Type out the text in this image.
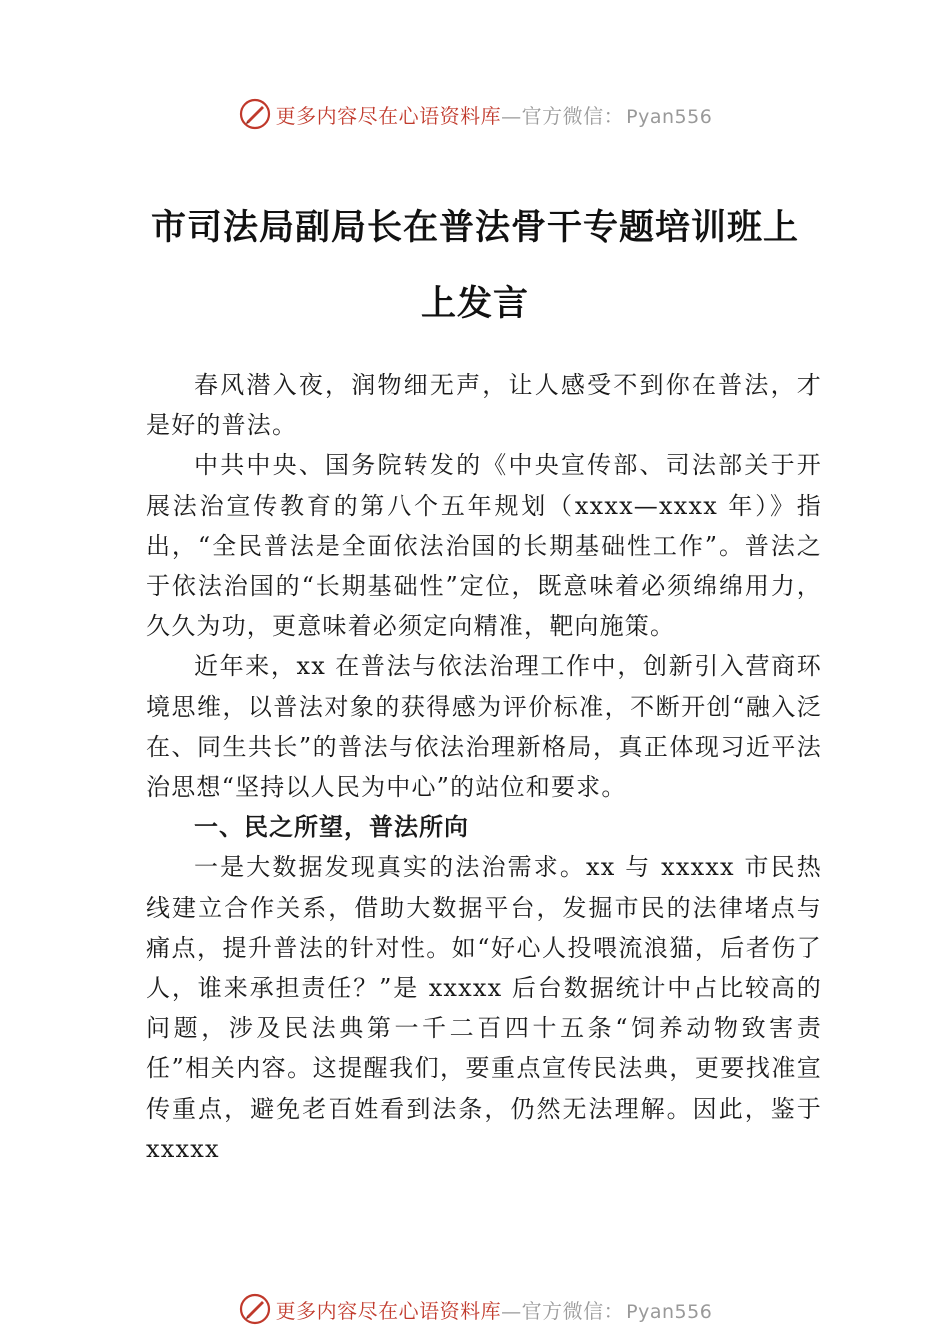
更多内容尽在心语资料库—官方微信： Pyan556
市司法局副局长在普法骨干专题培训班上上发言

春风潜入夜，润物细无声，让人感受不到你在普法，才是好的普法。

中共中央、国务院转发的《中央宣传部、司法部关于开展法治宣传教育的第八个五年规划（xxxx—xxxx 年）》指出，“全民普法是全面依法治国的长期基础性工作”。普法之于依法治国的“长期基础性”定位，既意味着必须绵绵用力， 久久为功，更意味着必须定向精准，靶向施策。

近年来，xx 在普法与依法治理工作中，创新引入营商环境思维，以普法对象的获得感为评价标准，不断开创“融入泛在、同生共长”的普法与依法治理新格局，真正体现习近平法治思想“坚持以人民为中心”的站位和要求。

一、民之所望，普法所向

一是大数据发现真实的法治需求。xx 与 xxxxx 市民热线建立合作关系，借助大数据平台，发掘市民的法律堵点与痛点，提升普法的针对性。如“好心人投喂流浪猫，后者伤了人，谁来承担责任？”是 xxxxx 后台数据统计中占比较高的问题，涉及民法典第一千二百四十五条“饲养动物致害责任”相关内容。这提醒我们，要重点宣传民法典，更要找准宣传重点，避免老百姓看到法条，仍然无法理解。因此，鉴于 xxxxx

更多内容尽在心语资料库—官方微信： Pyan556
